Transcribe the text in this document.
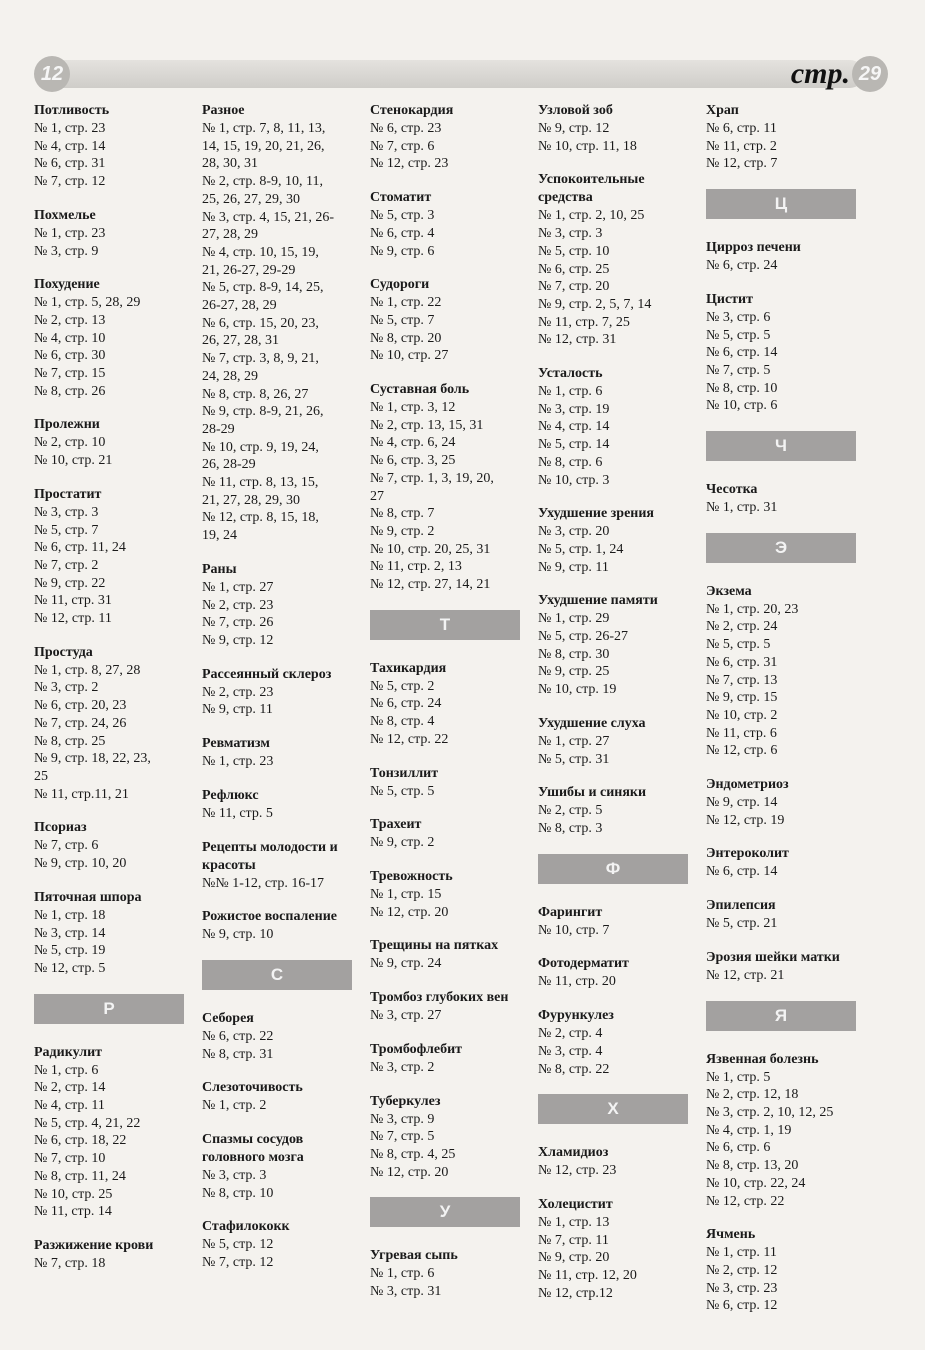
12	стр. 29
Потливость
№ 1, стр. 23
№ 4, стр. 14
№ 6, стр. 31
№ 7, стр. 12
Похмелье
№ 1, стр. 23
№ 3, стр. 9
Похудение
№ 1, стр. 5, 28, 29
№ 2, стр. 13
№ 4, стр. 10
№ 6, стр. 30
№ 7, стр. 15
№ 8, стр. 26
Пролежни
№ 2, стр. 10
№ 10, стр. 21
Простатит
№ 3, стр. 3
№ 5, стр. 7
№ 6, стр. 11, 24
№ 7, стр. 2
№ 9, стр. 22
№ 11, стр. 31
№ 12, стр. 11
Простуда
№ 1, стр. 8, 27, 28
№ 3, стр. 2
№ 6, стр. 20, 23
№ 7, стр. 24, 26
№ 8, стр. 25
№ 9, стр. 18, 22, 23,
25
№ 11, стр.11, 21
Псориаз
№ 7, стр. 6
№ 9, стр. 10, 20
Пяточная шпора
№ 1, стр. 18
№ 3, стр. 14
№ 5, стр. 19
№ 12, стр. 5
Р
Радикулит
№ 1, стр. 6
№ 2, стр. 14
№ 4, стр. 11
№ 5, стр. 4, 21, 22
№ 6, стр. 18, 22
№ 7, стр. 10
№ 8, стр. 11, 24
№ 10, стр. 25
№ 11, стр. 14
Разжижение крови
№ 7, стр. 18
Разное
№ 1, стр. 7, 8, 11, 13,
14, 15, 19, 20, 21, 26,
28, 30, 31
№ 2, стр. 8-9, 10, 11,
25, 26, 27, 29, 30
№ 3, стр. 4, 15, 21, 26-
27, 28, 29
№ 4, стр. 10, 15, 19,
21, 26-27, 29-29
№ 5, стр. 8-9, 14, 25,
26-27, 28, 29
№ 6, стр. 15, 20, 23,
26, 27, 28, 31
№ 7, стр. 3, 8, 9, 21,
24, 28, 29
№ 8, стр. 8, 26, 27
№ 9, стр. 8-9, 21, 26,
28-29
№ 10, стр. 9, 19, 24,
26, 28-29
№ 11, стр. 8, 13, 15,
21, 27, 28, 29, 30
№ 12, стр. 8, 15, 18,
19, 24
Раны
№ 1, стр. 27
№ 2, стр. 23
№ 7, стр. 26
№ 9, стр. 12
Рассеянный склероз
№ 2, стр. 23
№ 9, стр. 11
Ревматизм
№ 1, стр. 23
Рефлюкс
№ 11, стр. 5
Рецепты молодости и красоты
№№ 1-12, стр. 16-17
Рожистое воспаление
№ 9, стр. 10
С
Себорея
№ 6, стр. 22
№ 8, стр. 31
Слезоточивость
№ 1, стр. 2
Спазмы сосудов головного мозга
№ 3, стр. 3
№ 8, стр. 10
Стафилококк
№ 5, стр. 12
№ 7, стр. 12
Стенокардия
№ 6, стр. 23
№ 7, стр. 6
№ 12, стр. 23
Стоматит
№ 5, стр. 3
№ 6, стр. 4
№ 9, стр. 6
Судороги
№ 1, стр. 22
№ 5, стр. 7
№ 8, стр. 20
№ 10, стр. 27
Суставная боль
№ 1, стр. 3, 12
№ 2, стр. 13, 15, 31
№ 4, стр. 6, 24
№ 6, стр. 3, 25
№ 7, стр. 1, 3, 19, 20,
27
№ 8, стр. 7
№ 9, стр. 2
№ 10, стр. 20, 25, 31
№ 11, стр. 2, 13
№ 12, стр. 27, 14, 21
Т
Тахикардия
№ 5, стр. 2
№ 6, стр. 24
№ 8, стр. 4
№ 12, стр. 22
Тонзиллит
№ 5, стр. 5
Трахеит
№ 9, стр. 2
Тревожность
№ 1, стр. 15
№ 12, стр. 20
Трещины на пятках
№ 9, стр. 24
Тромбоз глубоких вен
№ 3, стр. 27
Тромбофлебит
№ 3, стр. 2
Туберкулез
№ 3, стр. 9
№ 7, стр. 5
№ 8, стр. 4, 25
№ 12, стр. 20
У
Угревая сыпь
№ 1, стр. 6
№ 3, стр. 31
Узловой зоб
№ 9, стр. 12
№ 10, стр. 11, 18
Успокоительные средства
№ 1, стр. 2, 10, 25
№ 3, стр. 3
№ 5, стр. 10
№ 6, стр. 25
№ 7, стр. 20
№ 9, стр. 2, 5, 7, 14
№ 11, стр. 7, 25
№ 12, стр. 31
Усталость
№ 1, стр. 6
№ 3, стр. 19
№ 4, стр. 14
№ 5, стр. 14
№ 8, стр. 6
№ 10, стр. 3
Ухудшение зрения
№ 3, стр. 20
№ 5, стр. 1, 24
№ 9, стр. 11
Ухудшение памяти
№ 1, стр. 29
№ 5, стр. 26-27
№ 8, стр. 30
№ 9, стр. 25
№ 10, стр. 19
Ухудшение слуха
№ 1, стр. 27
№ 5, стр. 31
Ушибы и синяки
№ 2, стр. 5
№ 8, стр. 3
Ф
Фарингит
№ 10, стр. 7
Фотодерматит
№ 11, стр. 20
Фурункулез
№ 2, стр. 4
№ 3, стр. 4
№ 8, стр. 22
Х
Хламидиоз
№ 12, стр. 23
Холецистит
№ 1, стр. 13
№ 7, стр. 11
№ 9, стр. 20
№ 11, стр. 12, 20
№ 12, стр.12
Храп
№ 6, стр. 11
№ 11, стр. 2
№ 12, стр. 7
Ц
Цирроз печени
№ 6, стр. 24
Цистит
№ 3, стр. 6
№ 5, стр. 5
№ 6, стр. 14
№ 7, стр. 5
№ 8, стр. 10
№ 10, стр. 6
Ч
Чесотка
№ 1, стр. 31
Э
Экзема
№ 1, стр. 20, 23
№ 2, стр. 24
№ 5, стр. 5
№ 6, стр. 31
№ 7, стр. 13
№ 9, стр. 15
№ 10, стр. 2
№ 11, стр. 6
№ 12, стр. 6
Эндометриоз
№ 9, стр. 14
№ 12, стр. 19
Энтероколит
№ 6, стр. 14
Эпилепсия
№ 5, стр. 21
Эрозия шейки матки
№ 12, стр. 21
Я
Язвенная болезнь
№ 1, стр. 5
№ 2, стр. 12, 18
№ 3, стр. 2, 10, 12, 25
№ 4, стр. 1, 19
№ 6, стр. 6
№ 8, стр. 13, 20
№ 10, стр. 22, 24
№ 12, стр. 22
Ячмень
№ 1, стр. 11
№ 2, стр. 12
№ 3, стр. 23
№ 6, стр. 12
